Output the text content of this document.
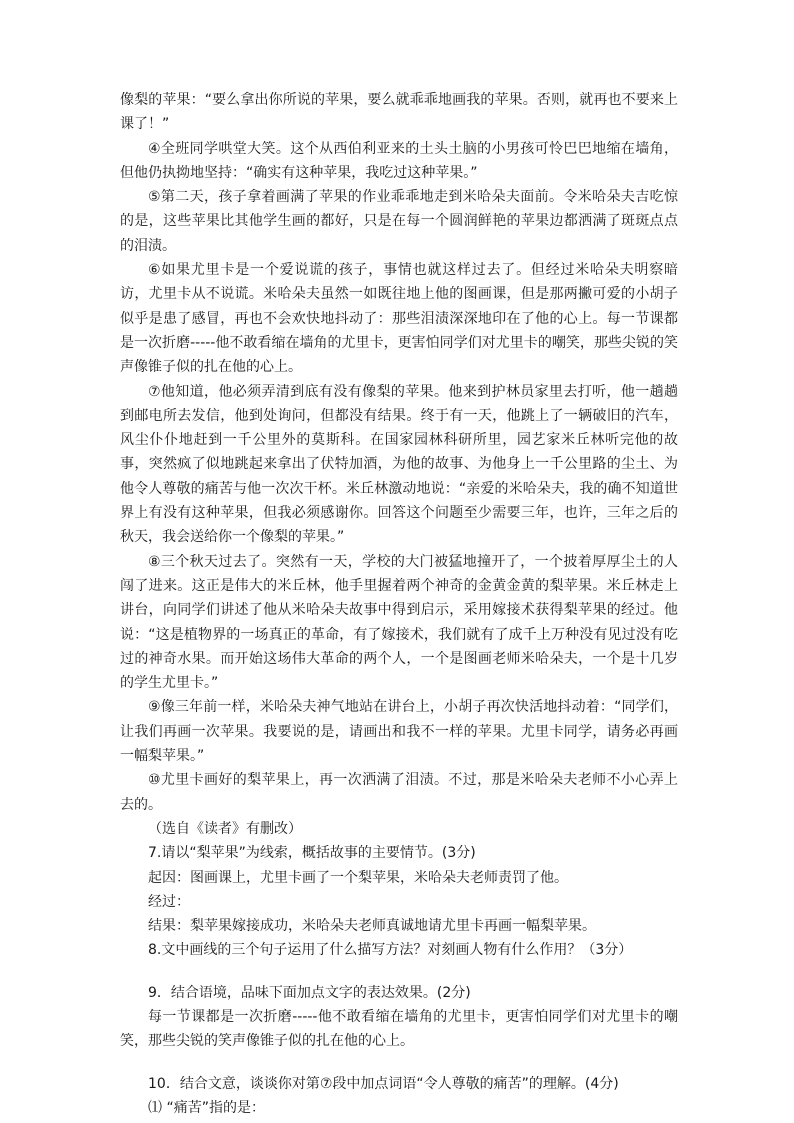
像梨的苹果：“要么拿出你所说的苹果，要么就乖乖地画我的苹果。否则，就再也不要来上课了！”

④全班同学哄堂大笑。这个从西伯利亚来的土头土脑的小男孩可怜巴巴地缩在墙角，但他仍执拗地坚持：“确实有这种苹果，我吃过这种苹果。”

⑤第二天，孩子拿着画满了苹果的作业乖乖地走到米哈朵夫面前。令米哈朵夫吉吃惊的是，这些苹果比其他学生画的都好，只是在每一个圆润鲜艳的苹果边都洒满了斑斑点点的泪渍。

⑥如果尤里卡是一个爱说谎的孩子，事情也就这样过去了。但经过米哈朵夫明察暗访，尤里卡从不说谎。米哈朵夫虽然一如既往地上他的图画课，但是那两撇可爱的小胡子似乎是患了感冒，再也不会欢快地抖动了：那些泪渍深深地印在了他的心上。每一节课都是一次折磨-----他不敢看缩在墙角的尤里卡，更害怕同学们对尤里卡的嘲笑，那些尖锐的笑声像锥子似的扎在他的心上。

⑦他知道，他必须弄清到底有没有像梨的苹果。他来到护林员家里去打听，他一趟趟到邮电所去发信，他到处询问，但都没有结果。终于有一天，他跳上了一辆破旧的汽车，风尘仆仆地赶到一千公里外的莫斯科。在国家园林科研所里，园艺家米丘林听完他的故事，突然疯了似地跳起来拿出了伏特加酒，为他的故事、为他身上一千公里路的尘土、为他令人尊敬的痛苦与他一次次干杯。米丘林激动地说：“亲爱的米哈朵夫，我的确不知道世界上有没有这种苹果，但我必须感谢你。回答这个问题至少需要三年，也许，三年之后的秋天，我会送给你一个像梨的苹果。”

⑧三个秋天过去了。突然有一天，学校的大门被猛地撞开了，一个披着厚厚尘土的人闯了进来。这正是伟大的米丘林，他手里握着两个神奇的金黄金黄的梨苹果。米丘林走上讲台，向同学们讲述了他从米哈朵夫故事中得到启示，采用嫁接术获得梨苹果的经过。他说：“这是植物界的一场真正的革命，有了嫁接术，我们就有了成千上万种没有见过没有吃过的神奇水果。而开始这场伟大革命的两个人，一个是图画老师米哈朵夫，一个是十几岁的学生尤里卡。”

⑨像三年前一样，米哈朵夫神气地站在讲台上，小胡子再次快活地抖动着：“同学们，让我们再画一次苹果。我要说的是，请画出和我不一样的苹果。尤里卡同学，请务必再画一幅梨苹果。”

⑩尤里卡画好的梨苹果上，再一次洒满了泪渍。不过，那是米哈朵夫老师不小心弄上去的。

（选自《读者》有删改）

7.请以“梨苹果”为线索，概括故事的主要情节。(3分)

起因：图画课上，尤里卡画了一个梨苹果，米哈朵夫老师责罚了他。

经过：

结果：梨苹果嫁接成功，米哈朵夫老师真诚地请尤里卡再画一幅梨苹果。

8.文中画线的三个句子运用了什么描写方法？对刻画人物有什么作用？（3分）

9．结合语境，品味下面加点文字的表达效果。(2分)

每一节课都是一次折磨-----他不敢看缩在墙角的尤里卡，更害怕同学们对尤里卡的嘲笑，那些尖锐的笑声像锥子似的扎在他的心上。

10．结合文意，谈谈你对第⑦段中加点词语“令人尊敬的痛苦”的理解。(4分)

⑴ “痛苦”指的是：
